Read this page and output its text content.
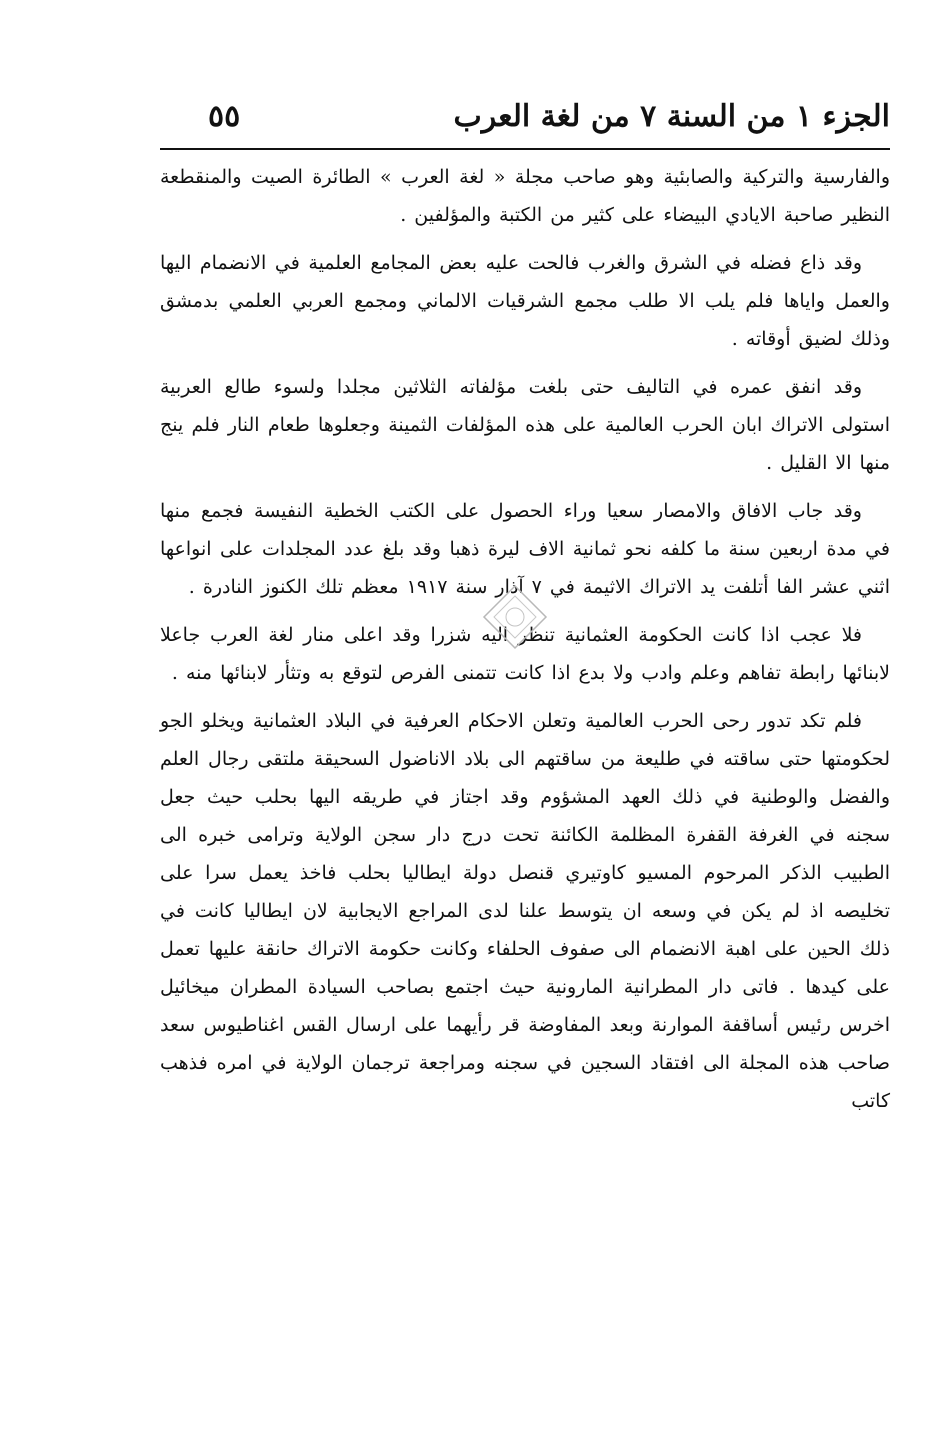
الجزء ١ من السنة ٧ من لغة العرب
٥٥

والفارسية والتركية والصابئية وهو صاحب مجلة « لغة العرب » الطائرة الصيت والمنقطعة النظير صاحبة الايادي البيضاء على كثير من الكتبة والمؤلفين .

وقد ذاع فضله في الشرق والغرب فالحت عليه بعض المجامع العلمية في الانضمام اليها والعمل واياها فلم يلب الا طلب مجمع الشرقيات الالماني ومجمع العربي العلمي بدمشق وذلك لضيق أوقاته .

وقد انفق عمره في التاليف حتى بلغت مؤلفاته الثلاثين مجلدا ولسوء طالع العربية استولى الاتراك ابان الحرب العالمية على هذه المؤلفات الثمينة وجعلوها طعام النار فلم ينج منها الا القليل .

وقد جاب الافاق والامصار سعيا وراء الحصول على الكتب الخطية النفيسة فجمع منها في مدة اربعين سنة ما كلفه نحو ثمانية الاف ليرة ذهبا وقد بلغ عدد المجلدات على انواعها اثني عشر الفا أتلفت يد الاتراك الاثيمة في ٧ آذار سنة ١٩١٧ معظم تلك الكنوز النادرة .

فلا عجب اذا كانت الحكومة العثمانية تنظر اليه شزرا وقد اعلى منار لغة العرب جاعلا لابنائها رابطة تفاهم وعلم وادب ولا بدع اذا كانت تتمنى الفرص لتوقع به وتثأر لابنائها منه .

فلم تكد تدور رحى الحرب العالمية وتعلن الاحكام العرفية في البلاد العثمانية ويخلو الجو لحكومتها حتى ساقته في طليعة من ساقتهم الى بلاد الاناضول السحيقة ملتقى رجال العلم والفضل والوطنية في ذلك العهد المشؤوم وقد اجتاز في طريقه اليها بحلب حيث جعل سجنه في الغرفة القفرة المظلمة الكائنة تحت درج دار سجن الولاية وترامى خبره الى الطبيب الذكر المرحوم المسيو كاوتيري قنصل دولة ايطاليا بحلب فاخذ يعمل سرا على تخليصه اذ لم يكن في وسعه ان يتوسط علنا لدى المراجع الايجابية لان ايطاليا كانت في ذلك الحين على اهبة الانضمام الى صفوف الحلفاء وكانت حكومة الاتراك حانقة عليها تعمل على كيدها . فاتى دار المطرانية المارونية حيث اجتمع بصاحب السيادة المطران ميخائيل اخرس رئيس أساقفة الموارنة وبعد المفاوضة قر رأيهما على ارسال القس اغناطيوس سعد صاحب هذه المجلة الى افتقاد السجين في سجنه ومراجعة ترجمان الولاية في امره فذهب كاتب
